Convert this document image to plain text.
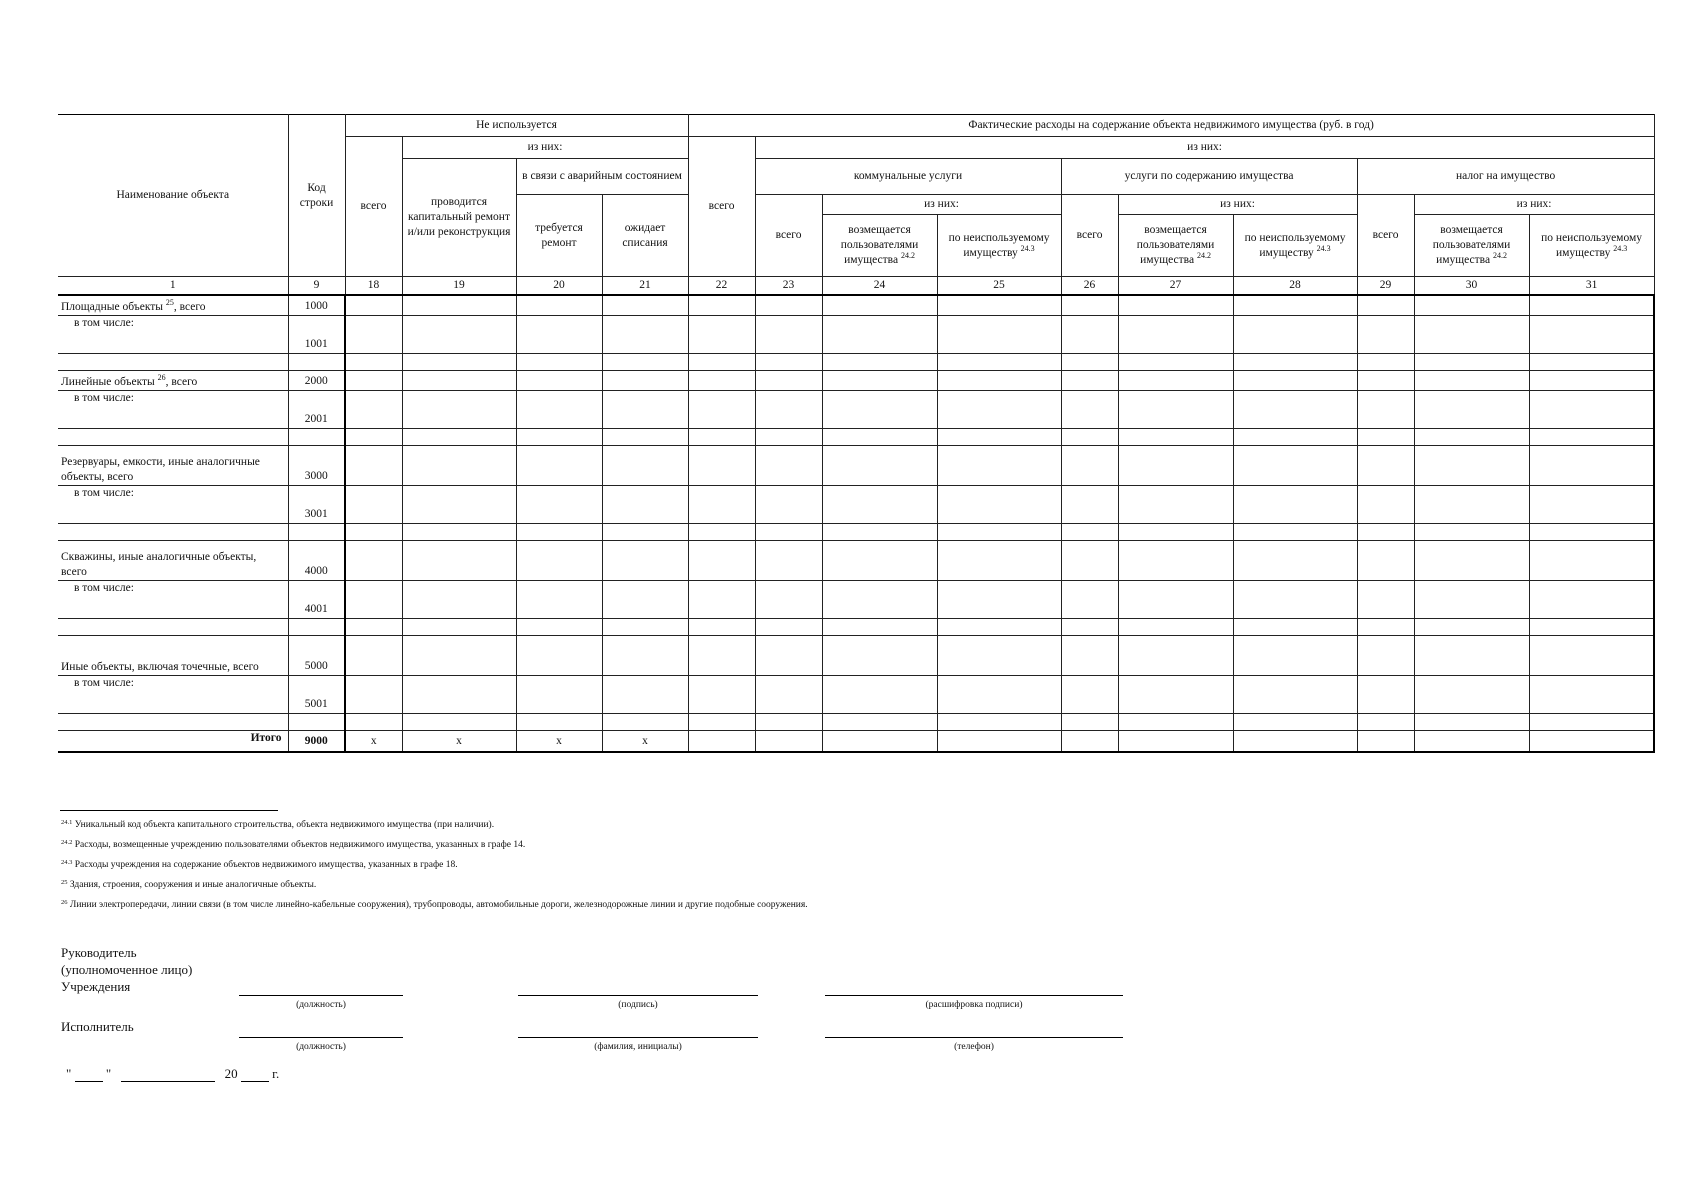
Наименование объекта	Код строки	Не используется				Фактические расходы на содержание объекта недвижимого имущества (руб. в год)									
		всего	из них:			всего	из них:								
			проводится капитальный ремонт и/или реконструкция	в связи с аварийным состоянием			коммунальные услуги			услуги по содержанию имущества			налог на имущество		
				требуется ремонт	ожидает списания		всего	из них:		всего	из них:		всего	из них:	
								возмещается пользователями имущества $^{24.2}$	по неиспользуемому имуществу $^{24.3}$		возмещается пользователями имущества $^{24.2}$	по неиспользуемому имуществу $^{24.3}$		возмещается пользователями имущества $^{24.2}$	по неиспользуемому имуществу $^{24.3}$

1	9	18	19	20	21	22	23	24	25	26	27	28	29	30	31
Площадные объекты $^{25}$, всего	1000														
в том числе:	1001														

Линейные объекты $^{26}$, всего	2000														
в том числе:	2001														

Резервуары, емкости, иные аналогичные объекты, всего	3000														
в том числе:	3001														

Скважины, иные аналогичные объекты, всего	4000														
в том числе:	4001														

Иные объекты, включая точечные, всего	5000														
в том числе:	5001														

Итого	9000	x	x	x	x										
$^{24.1}$ Уникальный код объекта капитального строительства, объекта недвижимого имущества (при наличии).
$^{24.2}$ Расходы, возмещенные учреждению пользователями объектов недвижимого имущества, указанных в графе 14.
$^{24.3}$ Расходы учреждения на содержание объектов недвижимого имущества, указанных в графе 18.
$^{25}$ Здания, строения, сооружения и иные аналогичные объекты.
$^{26}$ Линии электропередачи, линии связи (в том числе линейно-кабельные сооружения), трубопроводы, автомобильные дороги, железнодорожные линии и другие подобные сооружения.
Руководитель
(уполномоченное лицо)
Учреждения
(должность)	(подпись)	(расшифровка подписи)
Исполнитель
(должность)	(фамилия, инициалы)	(телефон)
"	"	20	г.
